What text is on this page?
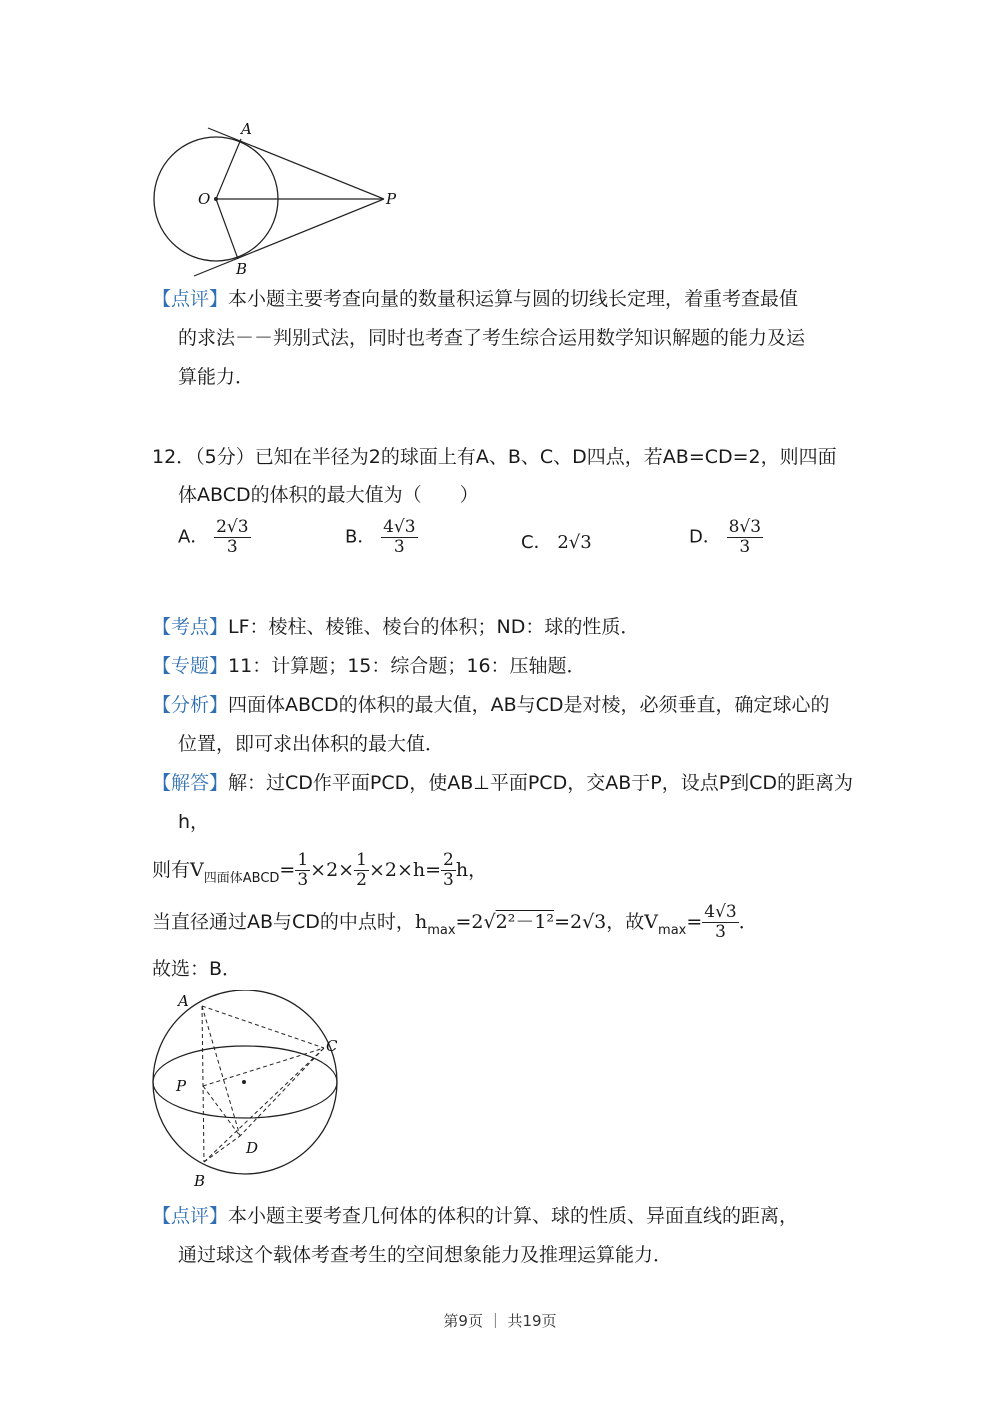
A
O	P
B
【点评】本小题主要考查向量的数量积运算与圆的切线长定理，着重考查最值
的求法－－判别式法，同时也考查了考生综合运用数学知识解题的能力及运
算能力．
12．（5分）已知在半径为2的球面上有A、B、C、D四点，若AB=CD=2，则四面
体ABCD的体积的最大值为（　　）
A． $\frac{2√3}{3}$	B． $\frac{4√3}{3}$	C． 2√3	D． $\frac{8√3}{3}$
【考点】LF：棱柱、棱锥、棱台的体积；ND：球的性质．
【专题】11：计算题；15：综合题；16：压轴题．
【分析】四面体ABCD的体积的最大值，AB与CD是对棱，必须垂直，确定球心的
位置，即可求出体积的最大值．
【解答】解：过CD作平面PCD，使AB⊥平面PCD，交AB于P，设点P到CD的距离为
h，
则有$V_{四面体ABCD}= \frac{1}{3} \times 2\times \frac{1}{2} \times 2\times h= \frac{2}{3}$ h，
当直径通过AB与CD的中点时，$h_{max}=2√2^2-1^2=2√3$，故$V_{max}= \frac{4√3}{3}$ ．
故选：B．
A
C
P
D
B
【点评】本小题主要考查几何体的体积的计算、球的性质、异面直线的距离，
通过球这个载体考查考生的空间想象能力及推理运算能力．
第9页 ｜ 共19页
